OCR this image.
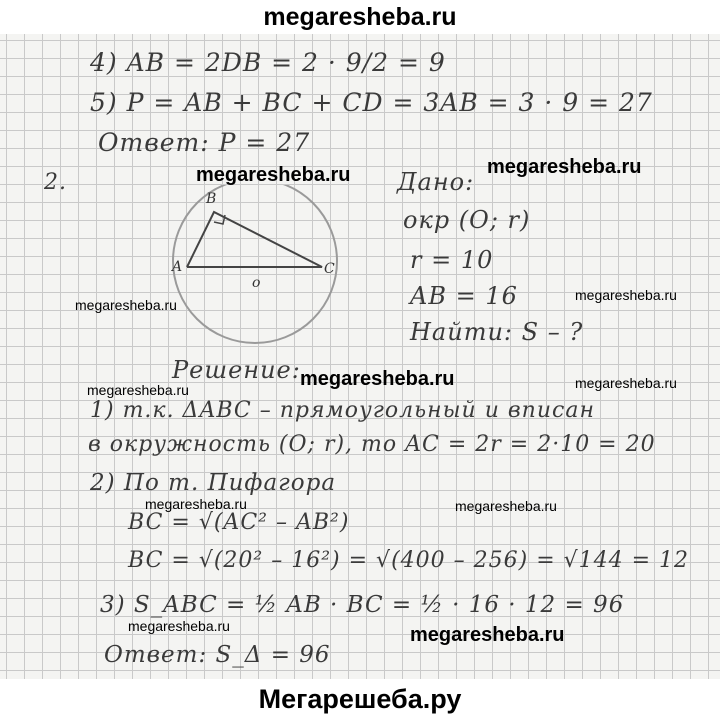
megaresheba.ru
4) AB = 2DB = 2 · 9/2 = 9
5) P = AB + BC + CD = 3AB = 3 · 9 = 27
Ответ: P = 27
2.
A
B
C
o
Дано:
окр (O; r)
r = 10
AB = 16
Найти: S – ?
Решение:
1) т.к. ΔABC – прямоугольный и вписан
в окружность (O; r), то AC = 2r = 2·10 = 20
2) По т. Пифагора
BC = √(AC² – AB²)
BC = √(20² – 16²) = √(400 – 256) = √144 = 12
3) S_ABC = ½ AB · BC = ½ · 16 · 12 = 96
Ответ: S_Δ = 96
megaresheba.ru	megaresheba.ru
megaresheba.ru
megaresheba.ru
megaresheba.ru
megaresheba.ru	megaresheba.ru
megaresheba.ru	megaresheba.ru
megaresheba.ru	megaresheba.ru
Мегарешеба.ру
